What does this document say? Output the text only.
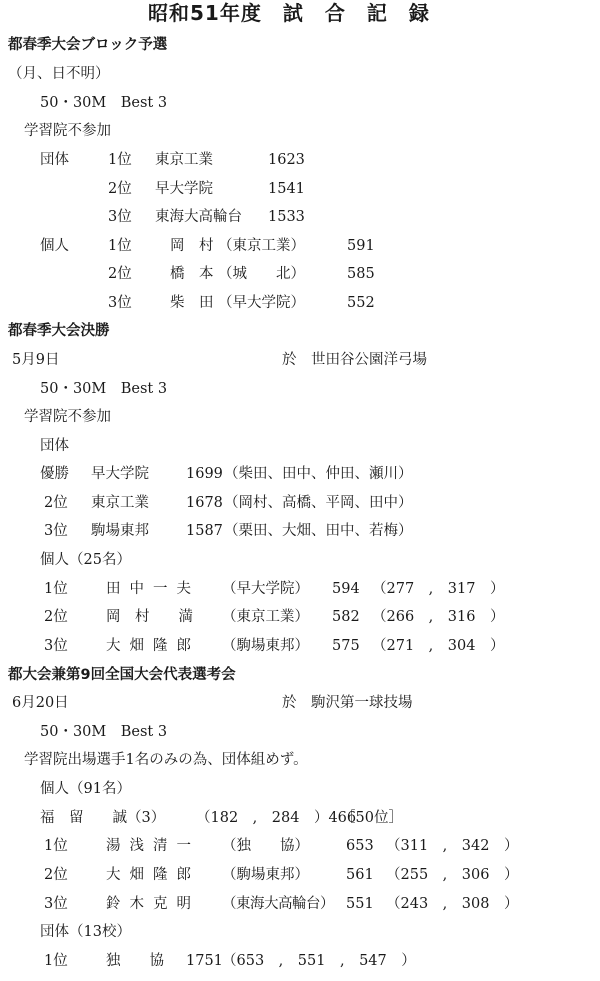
昭和51年度　試　合　記　録
都春季大会ブロック予選
（月、日不明）
50・30M　Best 3
学習院不参加
団体	1位 東京工業	1623
2位 早大学院	1541
3位 東海大高輪台 1533
個人	1位	岡　村 （東京工業）	591
2位	橋　本 （城　　北）	585
3位	柴　田 （早大学院）	552
都春季大会決勝
5月9日	於　世田谷公園洋弓場
50・30M　Best 3
学習院不参加
団体
優勝 早大学院	1699 （柴田、田中、仲田、瀬川）
2位 東京工業	1678 （岡村、高橋、平岡、田中）
3位 駒場東邦	1587 （栗田、大畑、田中、若梅）
個人（25名）
1位	田中一夫 （早大学院） 594 （277　,　317　）
2位	岡　村　　満 （東京工業） 582 （266　,　316　）
3位	大畑隆郎 （駒場東邦） 575 （271　,　304　）
都大会兼第9回全国大会代表選考会
6月20日	於　駒沢第一球技場
50・30M　Best 3
学習院出場選手1名のみの為、団体組めず。
個人（91名）
福　留　　誠（3） （182　,　284　）466
［50位］
1位	湯浅清一 （独　　協）	653 （311　,　342　）
2位	大畑隆郎 （駒場東邦）	561 （255　,　306　）
3位	鈴木克明 （東海大高輪台） 551 （243　,　308　）
団体（13校）
1位	独　　協 1751 （653　,　551　,　547　）
